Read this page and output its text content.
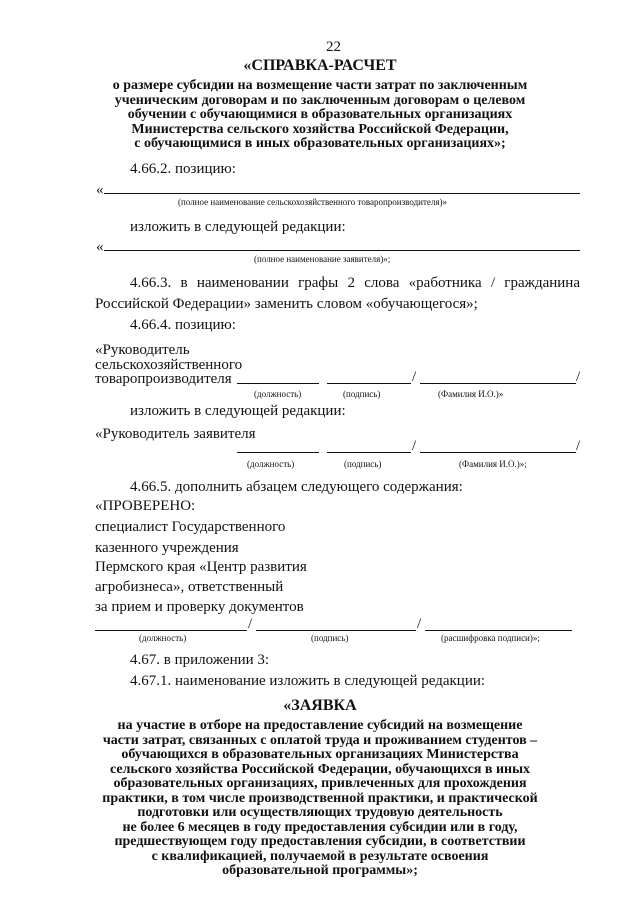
22
«СПРАВКА-РАСЧЕТ
о размере субсидии на возмещение части затрат по заключенным
ученическим договорам и по заключенным договорам о целевом
обучении с обучающимися в образовательных организациях
Министерства сельского хозяйства Российской Федерации,
с обучающимися в иных образовательных организациях»;
4.66.2. позицию:
«
(полное наименование сельскохозяйственного товаропроизводителя)»
изложить в следующей редакции:
«
(полное наименование заявителя)»;
4.66.3. в наименовании графы 2 слова «работника / гражданина
Российской Федерации» заменить словом «обучающегося»;
4.66.4. позицию:
«Руководитель
сельскохозяйственного
товаропроизводителя	/	/
(должность)	(подпись)	(Фамилия И.О.)»
изложить в следующей редакции:
«Руководитель заявителя
/	/
(должность)	(подпись)	(Фамилия И.О.)»;
4.66.5. дополнить абзацем следующего содержания:
«ПРОВЕРЕНО:
специалист Государственного
казенного учреждения
Пермского края «Центр развития
агробизнеса», ответственный
за прием и проверку документов
/	/
(должность)	(подпись)	(расшифровка подписи)»;
4.67. в приложении 3:
4.67.1. наименование изложить в следующей редакции:
«ЗАЯВКА
на участие в отборе на предоставление субсидий на возмещение
части затрат, связанных с оплатой труда и проживанием студентов –
обучающихся в образовательных организациях Министерства
сельского хозяйства Российской Федерации, обучающихся в иных
образовательных организациях, привлеченных для прохождения
практики, в том числе производственной практики, и практической
подготовки или осуществляющих трудовую деятельность
не более 6 месяцев в году предоставления субсидии или в году,
предшествующем году предоставления субсидии, в соответствии
с квалификацией, получаемой в результате освоения
образовательной программы»;
